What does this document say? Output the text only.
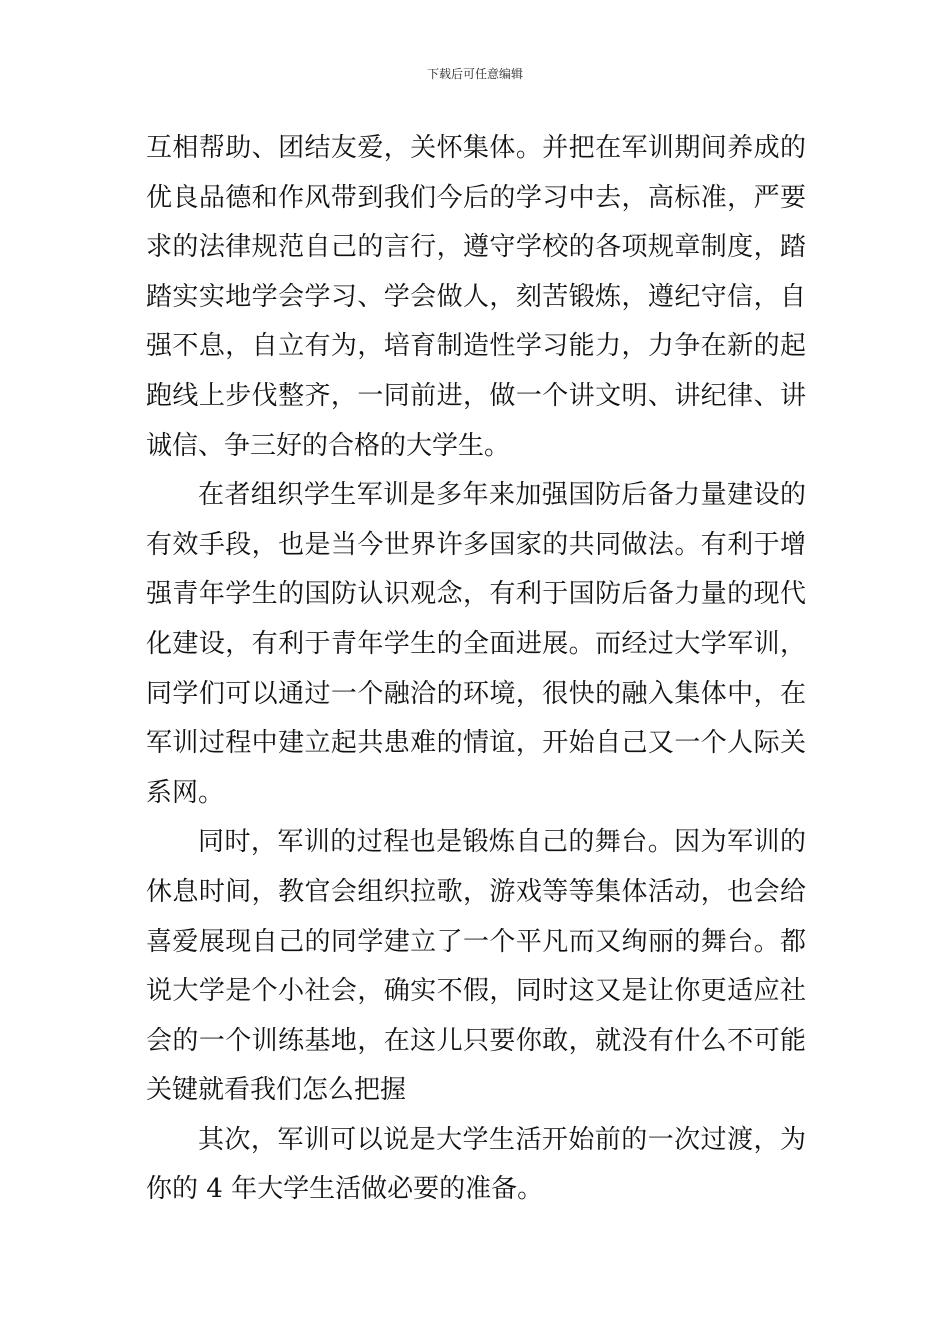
下载后可任意编辑
互相帮助、团结友爱，关怀集体。并把在军训期间养成的
优良品德和作风带到我们今后的学习中去，高标准，严要
求的法律规范自己的言行，遵守学校的各项规章制度，踏
踏实实地学会学习、学会做人，刻苦锻炼，遵纪守信，自
强不息，自立有为，培育制造性学习能力，力争在新的起
跑线上步伐整齐，一同前进，做一个讲文明、讲纪律、讲
诚信、争三好的合格的大学生。
在者组织学生军训是多年来加强国防后备力量建设的
有效手段，也是当今世界许多国家的共同做法。有利于增
强青年学生的国防认识观念，有利于国防后备力量的现代
化建设，有利于青年学生的全面进展。而经过大学军训，
同学们可以通过一个融洽的环境，很快的融入集体中，在
军训过程中建立起共患难的情谊，开始自己又一个人际关
系网。
同时，军训的过程也是锻炼自己的舞台。因为军训的
休息时间，教官会组织拉歌，游戏等等集体活动，也会给
喜爱展现自己的同学建立了一个平凡而又绚丽的舞台。都
说大学是个小社会，确实不假，同时这又是让你更适应社
会的一个训练基地，在这儿只要你敢，就没有什么不可能
关键就看我们怎么把握
其次，军训可以说是大学生活开始前的一次过渡，为
你的 4 年大学生活做必要的准备。
